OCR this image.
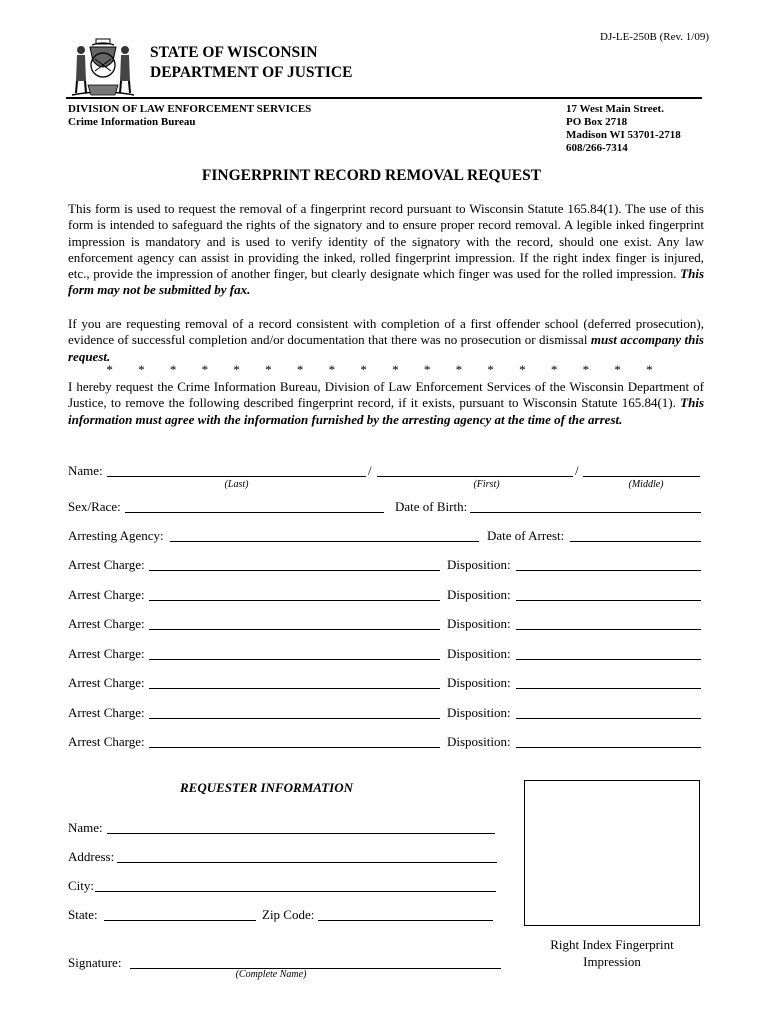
DJ-LE-250B (Rev. 1/09)
STATE OF WISCONSIN
DEPARTMENT OF JUSTICE
DIVISION OF LAW ENFORCEMENT SERVICES
Crime Information Bureau
17 West Main Street.
PO Box 2718
Madison WI 53701-2718
608/266-7314
FINGERPRINT RECORD REMOVAL REQUEST
This form is used to request the removal of a fingerprint record pursuant to Wisconsin Statute 165.84(1). The use of this form is intended to safeguard the rights of the signatory and to ensure proper record removal. A legible inked fingerprint impression is mandatory and is used to verify identity of the signatory with the record, should one exist. Any law enforcement agency can assist in providing the inked, rolled fingerprint impression. If the right index finger is injured, etc., provide the impression of another finger, but clearly designate which finger was used for the rolled impression. This form may not be submitted by fax.
If you are requesting removal of a record consistent with completion of a first offender school (deferred prosecution), evidence of successful completion and/or documentation that there was no prosecution or dismissal must accompany this request.
* * * * * * * * * * * * * * * * * *
I hereby request the Crime Information Bureau, Division of Law Enforcement Services of the Wisconsin Department of Justice, to remove the following described fingerprint record, if it exists, pursuant to Wisconsin Statute 165.84(1). This information must agree with the information furnished by the arresting agency at the time of the arrest.
Name:	/	/
(Last)	(First)	(Middle)
Sex/Race:	Date of Birth:
Arresting Agency:	Date of Arrest:
Arrest Charge:	Disposition:
Arrest Charge:	Disposition:
Arrest Charge:	Disposition:
Arrest Charge:	Disposition:
Arrest Charge:	Disposition:
Arrest Charge:	Disposition:
Arrest Charge:	Disposition:
REQUESTER INFORMATION
Name:
Address:
City:
State:	Zip Code:
Signature:
(Complete Name)
Right Index Fingerprint
Impression
